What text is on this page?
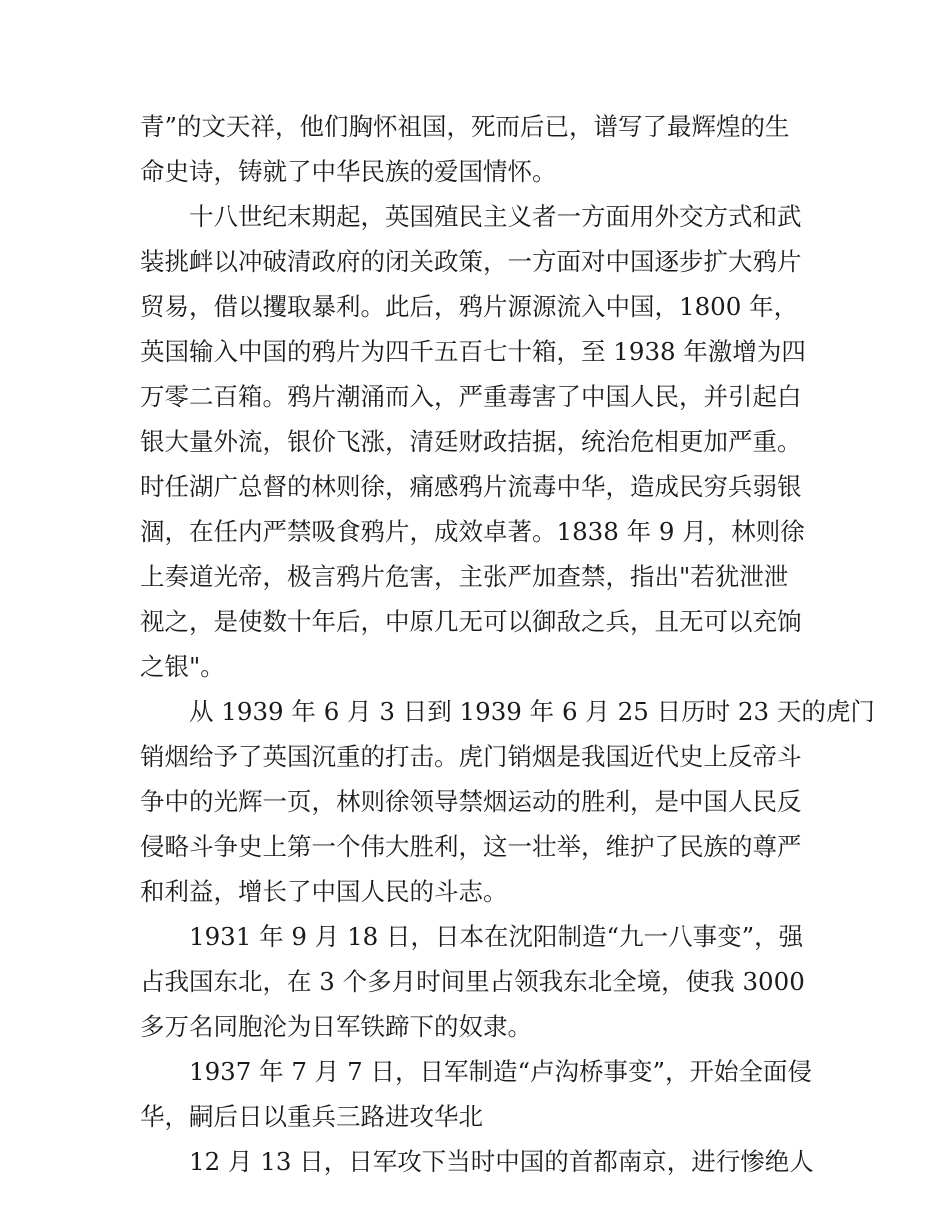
青”的文天祥，他们胸怀祖国，死而后已，谱写了最辉煌的生
命史诗，铸就了中华民族的爱国情怀。
十八世纪末期起，英国殖民主义者一方面用外交方式和武
装挑衅以冲破清政府的闭关政策，一方面对中国逐步扩大鸦片
贸易，借以攫取暴利。此后，鸦片源源流入中国，1800 年，
英国输入中国的鸦片为四千五百七十箱，至 1938 年激增为四
万零二百箱。鸦片潮涌而入，严重毒害了中国人民，并引起白
银大量外流，银价飞涨，清廷财政拮据，统治危相更加严重。
时任湖广总督的林则徐，痛感鸦片流毒中华，造成民穷兵弱银
涸，在任内严禁吸食鸦片，成效卓著。1838 年 9 月，林则徐
上奏道光帝，极言鸦片危害，主张严加查禁，指出"若犹泄泄
视之，是使数十年后，中原几无可以御敌之兵，且无可以充饷
之银"。
从 1939 年 6 月 3 日到 1939 年 6 月 25 日历时 23 天的虎门
销烟给予了英国沉重的打击。虎门销烟是我国近代史上反帝斗
争中的光辉一页，林则徐领导禁烟运动的胜利，是中国人民反
侵略斗争史上第一个伟大胜利，这一壮举，维护了民族的尊严
和利益，增长了中国人民的斗志。
1931 年 9 月 18 日，日本在沈阳制造“九一八事变”，强
占我国东北，在 3 个多月时间里占领我东北全境，使我 3000
多万名同胞沦为日军铁蹄下的奴隶。
1937 年 7 月 7 日，日军制造“卢沟桥事变”，开始全面侵
华，嗣后日以重兵三路进攻华北
12 月 13 日，日军攻下当时中国的首都南京，进行惨绝人
